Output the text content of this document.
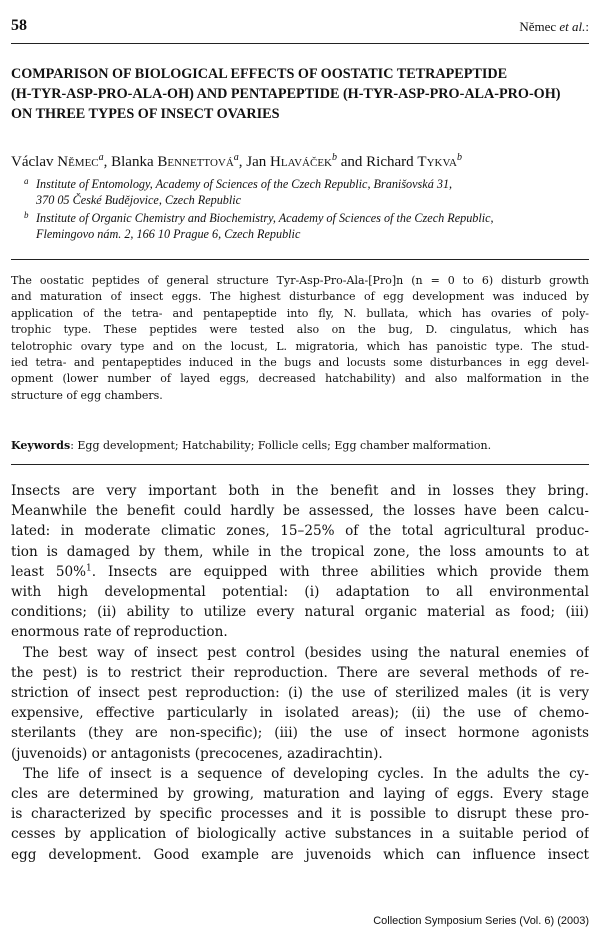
58	Němec et al.:
COMPARISON OF BIOLOGICAL EFFECTS OF OOSTATIC TETRAPEPTIDE
(H-TYR-ASP-PRO-ALA-OH) AND PENTAPEPTIDE (H-TYR-ASP-PRO-ALA-PRO-OH)
ON THREE TYPES OF INSECT OVARIES
Václav Němec$^a$, Blanka Bennettová$^a$, Jan Hlaváček$^b$ and Richard Tykva$^b$
a Institute of Entomology, Academy of Sciences of the Czech Republic, Branišovská 31,
370 05 České Budějovice, Czech Republic
b Institute of Organic Chemistry and Biochemistry, Academy of Sciences of the Czech Republic,
Flemingovo nám. 2, 166 10 Prague 6, Czech Republic
The oostatic peptides of general structure Tyr-Asp-Pro-Ala-[Pro]n (n = 0 to 6) disturb growth
and maturation of insect eggs. The highest disturbance of egg development was induced by
application of the tetra- and pentapeptide into fly, N. bullata, which has ovaries of poly-
trophic type. These peptides were tested also on the bug, D. cingulatus, which has
telotrophic ovary type and on the locust, L. migratoria, which has panoistic type. The stud-
ied tetra- and pentapeptides induced in the bugs and locusts some disturbances in egg devel-
opment (lower number of layed eggs, decreased hatchability) and also malformation in the
structure of egg chambers.
Keywords: Egg development; Hatchability; Follicle cells; Egg chamber malformation.
Insects are very important both in the benefit and in losses they bring.
Meanwhile the benefit could hardly be assessed, the losses have been calcu-
lated: in moderate climatic zones, 15–25% of the total agricultural produc-
tion is damaged by them, while in the tropical zone, the loss amounts to at
least 50%$^1$. Insects are equipped with three abilities which provide them
with high developmental potential: (i) adaptation to all environmental
conditions; (ii) ability to utilize every natural organic material as food; (iii)
enormous rate of reproduction.
The best way of insect pest control (besides using the natural enemies of
the pest) is to restrict their reproduction. There are several methods of re-
striction of insect pest reproduction: (i) the use of sterilized males (it is very
expensive, effective particularly in isolated areas); (ii) the use of chemo-
sterilants (they are non-specific); (iii) the use of insect hormone agonists
(juvenoids) or antagonists (precocenes, azadirachtin).
The life of insect is a sequence of developing cycles. In the adults the cy-
cles are determined by growing, maturation and laying of eggs. Every stage
is characterized by specific processes and it is possible to disrupt these pro-
cesses by application of biologically active substances in a suitable period of
egg development. Good example are juvenoids which can influence insect
Collection Symposium Series (Vol. 6) (2003)
